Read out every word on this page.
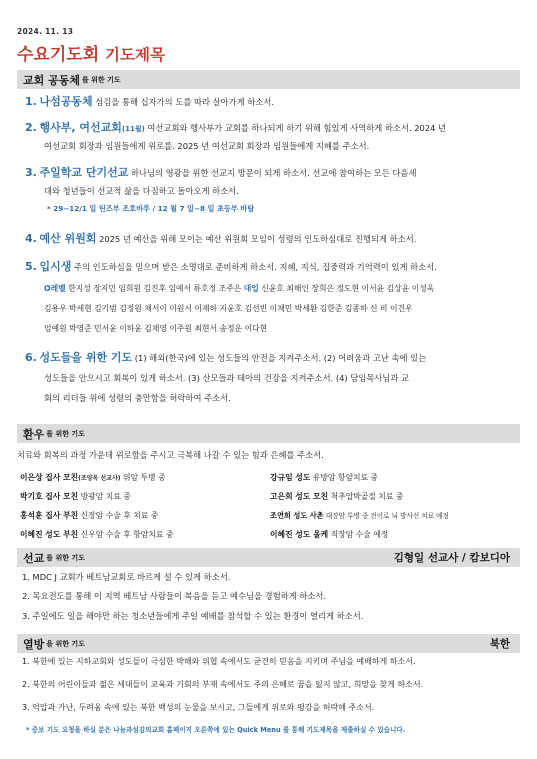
2024. 11. 13
수요기도회 기도제목
교회 공동체 를 위한 기도
1. 나섬공동체 섬김을 통해 십자가의 도를 따라 살아가게 하소서.
2. 행사부, 여선교회(11월) 여선교회와 행사부가 교회를 하나되게 하기 위해 힘있게 사역하게 하소서. 2024 년
여선교회 회장과 임원들에게 위로를. 2025 년 여선교회 회장과 임원들에게 지혜를 주소서.
3. 주일학교 단기선교 하나님의 영광을 위한 선교지 방문이 되게 하소서. 선교에 참여하는 모든 다음세
대와 청년들이 선교적 삶을 다짐하고 돌아오게 하소서.
* 29~12/1 일 틴즈부 조호바루 / 12 월 7 일~8 일 초등부 바탐
4. 예산 위원회 2025 년 예산을 위해 모이는 예산 위원회 모임이 성령의 인도하심대로 진행되게 하소서.
5. 입시생 주의 인도하심을 믿으며 받은 소명대로 준비하게 하소서. 지혜, 지식, 집중력과 기억력이 있게 하소서.
O레벨 한지성 장지민 임희원 김진후 임예서 류호정 조주은 대입 신윤호 최해인 장희은 정도현 이서윤 김상윤 이성욱
김용우 박세현 김기범 김정원 채서이 이원서 이재하 지윤호 김선빈 이채민 박세환 김한준 김종하 신 비 이건우
엄예원 박영준 민서윤 이하윤 김채영 이주원 최현서 송정운 이다현
6. 성도들을 위한 기도 (1) 해외(한국)에 있는 성도들의 안전을 지켜주소서. (2) 어려움과 고난 속에 있는
성도들을 안으시고 회복이 있게 하소서. (3) 산모들과 태아의 건강을 지켜주소서. (4) 담임목사님과 교
회의 리더들 위에 성령의 충만함을 허락하여 주소서.
환우 를 위한 기도
치료와 회복의 과정 가운데 위로함을 주시고 극복해 나갈 수 있는 힘과 은혜를 주소서.
이은상 집사 모친(조양옥 선교사) 위암 투병 중
박기호 집사 모친 방광암 치료 중
홍석훈 집사 부친 신장암 수술 후 치료 중
이혜진 성도 부친 신우암 수술 후 항암치료 중
강규임 성도 유방암 항암치료 중
고은희 성도 모친 척추압박골절 치료 중
조연희 성도 사촌 대장암 투병 중 전이로 뇌 방사선 치료 예정
이혜진 성도 올케 직장암 수술 예정
선교 를 위한 기도	김형일 선교사 / 캄보디아
1. MDC J 교회가 베트남교회로 바르게 설 수 있게 하소서.
2. 목요전도를 통해 이 지역 베트남 사람들이 복음을 듣고 예수님을 경험하게 하소서.
3. 주일에도 일을 해야만 하는 청소년들에게 주일 예배를 참석할 수 있는 환경이 열리게 하소서.
열방 을 위한 기도	북한
1. 북한에 있는 지하교회와 성도들이 극심한 박해와 위협 속에서도 굳건히 믿음을 지키며 주님을 예배하게 하소서.
2. 북한의 어린이들과 젊은 세대들이 교육과 기회의 부재 속에서도 주의 은혜로 꿈을 잃지 않고, 희망을 찾게 하소서.
3. 억압과 가난, 두려움 속에 있는 북한 백성의 눈물을 보시고, 그들에게 위로와 평강을 허락해 주소서.
* 중보 기도 요청을 하실 분은 나눔과섬김의교회 홈페이지 오른쪽에 있는 Quick Menu 를 통해 기도제목을 제출하실 수 있습니다.
